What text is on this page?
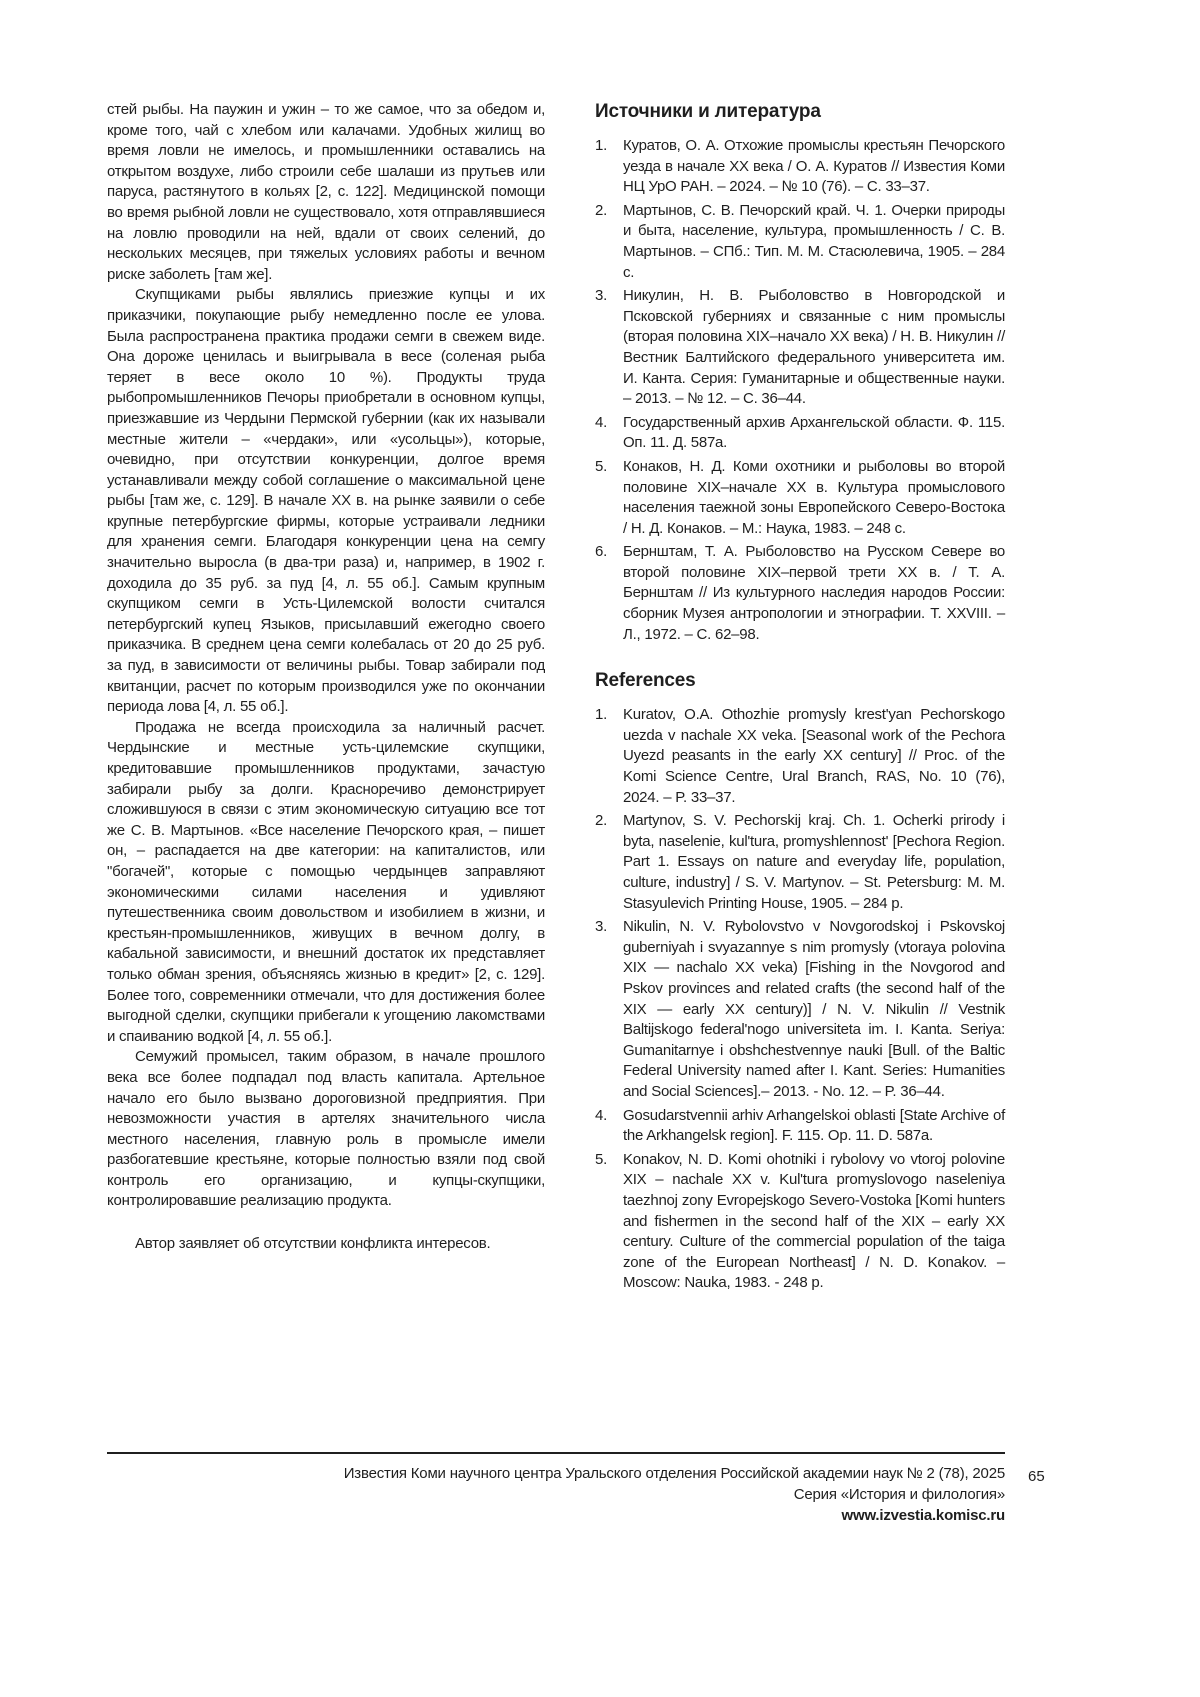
стей рыбы. На паужин и ужин – то же самое, что за обедом и, кроме того, чай с хлебом или калачами. Удобных жилищ во время ловли не имелось, и промышленники оставались на открытом воздухе, либо строили себе шалаши из прутьев или паруса, растянутого в кольях [2, с. 122]. Медицинской помощи во время рыбной ловли не существовало, хотя отправлявшиеся на ловлю проводили на ней, вдали от своих селений, до нескольких месяцев, при тяжелых условиях работы и вечном риске заболеть [там же].

Скупщиками рыбы являлись приезжие купцы и их приказчики, покупающие рыбу немедленно после ее улова. Была распространена практика продажи семги в свежем виде. Она дороже ценилась и выигрывала в весе (соленая рыба теряет в весе около 10 %). Продукты труда рыбопромышленников Печоры приобретали в основном купцы, приезжавшие из Чердыни Пермской губернии (как их называли местные жители – «чердаки», или «усольцы»), которые, очевидно, при отсутствии конкуренции, долгое время устанавливали между собой соглашение о максимальной цене рыбы [там же, с. 129]. В начале XX в. на рынке заявили о себе крупные петербургские фирмы, которые устраивали ледники для хранения семги. Благодаря конкуренции цена на семгу значительно выросла (в два-три раза) и, например, в 1902 г. доходила до 35 руб. за пуд [4, л. 55 об.]. Самым крупным скупщиком семги в Усть-Цилемской волости считался петербургский купец Языков, присылавший ежегодно своего приказчика. В среднем цена семги колебалась от 20 до 25 руб. за пуд, в зависимости от величины рыбы. Товар забирали под квитанции, расчет по которым производился уже по окончании периода лова [4, л. 55 об.].

Продажа не всегда происходила за наличный расчет. Чердынские и местные усть-цилемские скупщики, кредитовавшие промышленников продуктами, зачастую забирали рыбу за долги. Красноречиво демонстрирует сложившуюся в связи с этим экономическую ситуацию все тот же С. В. Мартынов. «Все население Печорского края, – пишет он, – распадается на две категории: на капиталистов, или "богачей", которые с помощью чердынцев заправляют экономическими силами населения и удивляют путешественника своим довольством и изобилием в жизни, и крестьян-промышленников, живущих в вечном долгу, в кабальной зависимости, и внешний достаток их представляет только обман зрения, объясняясь жизнью в кредит» [2, с. 129]. Более того, современники отмечали, что для достижения более выгодной сделки, скупщики прибегали к угощению лакомствами и спаиванию водкой [4, л. 55 об.].

Семужий промысел, таким образом, в начале прошлого века все более подпадал под власть капитала. Артельное начало его было вызвано дороговизной предприятия. При невозможности участия в артелях значительного числа местного населения, главную роль в промысле имели разбогатевшие крестьяне, которые полностью взяли под свой контроль его организацию, и купцы-скупщики, контролировавшие реализацию продукта.

Автор заявляет об отсутствии конфликта интересов.

Источники и литература
1.	Куратов, О. А. Отхожие промыслы крестьян Печорского уезда в начале XX века / О. А. Куратов // Известия Коми НЦ УрО РАН. – 2024. – № 10 (76). – С. 33–37.
2.	Мартынов, С. В. Печорский край. Ч. 1. Очерки природы и быта, население, культура, промышленность / С. В. Мартынов. – СПб.: Тип. М. М. Стасюлевича, 1905. – 284 с.
3.	Никулин, Н. В. Рыболовство в Новгородской и Псковской губерниях и связанные с ним промыслы (вторая половина XIX–начало XX века) / Н. В. Никулин // Вестник Балтийского федерального университета им. И. Канта. Серия: Гуманитарные и общественные науки. – 2013. – № 12. – С. 36–44.
4.	Государственный архив Архангельской области. Ф. 115. Оп. 11. Д. 587а.
5.	Конаков, Н. Д. Коми охотники и рыболовы во второй половине XIX–начале XX в. Культура промыслового населения таежной зоны Европейского Северо-Востока / Н. Д. Конаков. – М.: Наука, 1983. – 248 с.
6.	Бернштам, Т. А. Рыболовство на Русском Севере во второй половине XIX–первой трети XX в. / Т. А. Бернштам // Из культурного наследия народов России: сборник Музея антропологии и этнографии. Т. XXVIII. – Л., 1972. – С. 62–98.
References
1.	Kuratov, O.A. Othozhie promysly krest'yan Pechorskogo uezda v nachale XX veka. [Seasonal work of the Pechora Uyezd peasants in the early XX century] // Proc. of the Komi Science Centre, Ural Branch, RAS, No. 10 (76), 2024. – P. 33–37.
2.	Martynov, S. V. Pechorskij kraj. Ch. 1. Ocherki prirody i byta, naselenie, kul'tura, promyshlennost' [Pechora Region. Part 1. Essays on nature and everyday life, population, culture, industry] / S. V. Martynov. – St. Petersburg: M. M. Stasyulevich Printing House, 1905. – 284 p.
3.	Nikulin, N. V. Rybolovstvo v Novgorodskoj i Pskovskoj guberniyah i svyazannye s nim promysly (vtoraya polovina XIX — nachalo XX veka) [Fishing in the Novgorod and Pskov provinces and related crafts (the second half of the XIX — early XX century)] / N. V. Nikulin // Vestnik Baltijskogo federal'nogo universiteta im. I. Kanta. Seriya: Gumanitarnye i obshchestvennye nauki [Bull. of the Baltic Federal University named after I. Kant. Series: Humanities and Social Sciences].– 2013. - No. 12. – P. 36–44.
4.	Gosudarstvennii arhiv Arhangelskoi oblasti [State Archive of the Arkhangelsk region]. F. 115. Op. 11. D. 587a.
5.	Konakov, N. D. Komi ohotniki i rybolovy vo vtoroj polovine XIX – nachale XX v. Kul'tura promyslovogo naseleniya taezhnoj zony Evropejskogo Severo-Vostoka [Komi hunters and fishermen in the second half of the XIX – early XX century. Culture of the commercial population of the taiga zone of the European Northeast] / N. D. Konakov. – Moscow: Nauka, 1983. - 248 p.
Известия Коми научного центра Уральского отделения Российской академии наук № 2 (78), 2025
Серия «История и филология»
www.izvestia.komisc.ru
65
